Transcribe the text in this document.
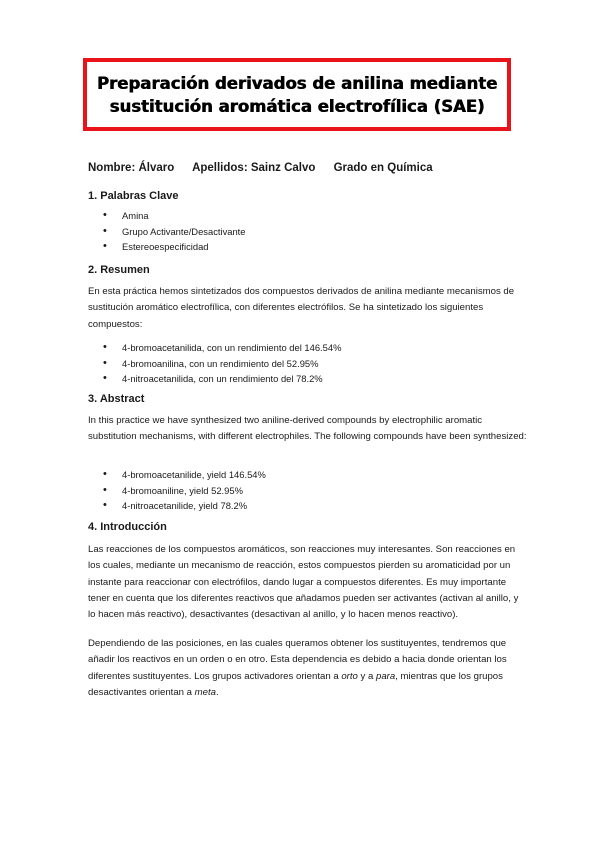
Preparación derivados de anilina mediante
sustitución aromática electrofílica (SAE)
Nombre: Álvaro Apellidos: Sainz Calvo Grado en Química
1. Palabras Clave
• Amina
• Grupo Activante/Desactivante
• Estereoespecificidad
2. Resumen
En esta práctica hemos sintetizados dos compuestos derivados de anilina mediante mecanismos de sustitución aromático electrofílica, con diferentes electrófilos. Se ha sintetizado los siguientes compuestos:
• 4-bromoacetanilida, con un rendimiento del 146.54%
• 4-bromoanilina, con un rendimiento del 52.95%
• 4-nitroacetanilida, con un rendimiento del 78.2%
3. Abstract
In this practice we have synthesized two aniline-derived compounds by electrophilic aromatic substitution mechanisms, with different electrophiles. The following compounds have been synthesized:
• 4-bromoacetanilide, yield 146.54%
• 4-bromoaniline, yield 52.95%
• 4-nitroacetanilide, yield 78.2%
4. Introducción
Las reacciones de los compuestos aromáticos, son reacciones muy interesantes. Son reacciones en los cuales, mediante un mecanismo de reacción, estos compuestos pierden su aromaticidad por un instante para reaccionar con electrófilos, dando lugar a compuestos diferentes. Es muy importante tener en cuenta que los diferentes reactivos que añadamos pueden ser activantes (activan al anillo, y lo hacen más reactivo), desactivantes (desactivan al anillo, y lo hacen menos reactivo).
Dependiendo de las posiciones, en las cuales queramos obtener los sustituyentes, tendremos que añadir los reactivos en un orden o en otro. Esta dependencia es debido a hacia donde orientan los diferentes sustituyentes. Los grupos activadores orientan a orto y a para, mientras que los grupos desactivantes orientan a meta.
